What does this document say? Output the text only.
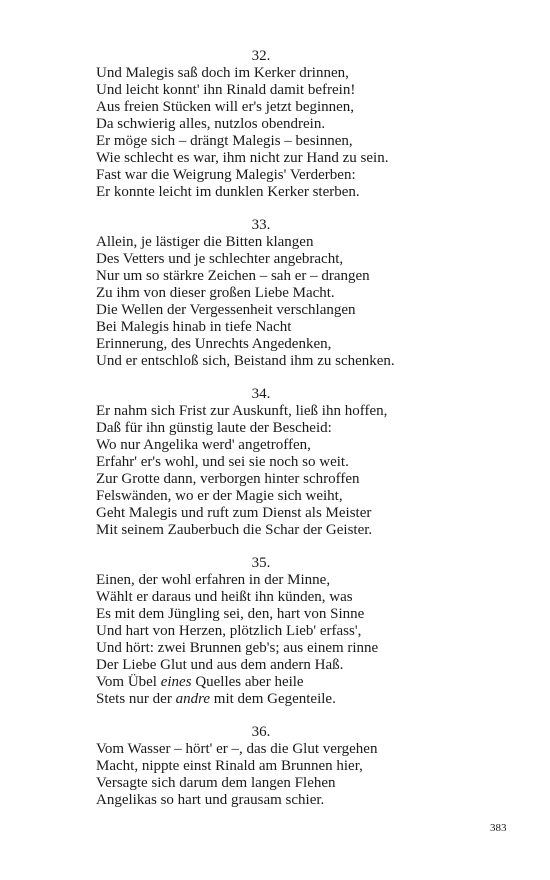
32.
Und Malegis saß doch im Kerker drinnen,
Und leicht konnt' ihn Rinald damit befrein!
Aus freien Stücken will er's jetzt beginnen,
Da schwierig alles, nutzlos obendrein.
Er möge sich – drängt Malegis – besinnen,
Wie schlecht es war, ihm nicht zur Hand zu sein.
Fast war die Weigrung Malegis' Verderben:
Er konnte leicht im dunklen Kerker sterben.
33.
Allein, je lästiger die Bitten klangen
Des Vetters und je schlechter angebracht,
Nur um so stärkre Zeichen – sah er – drangen
Zu ihm von dieser großen Liebe Macht.
Die Wellen der Vergessenheit verschlangen
Bei Malegis hinab in tiefe Nacht
Erinnerung, des Unrechts Angedenken,
Und er entschloß sich, Beistand ihm zu schenken.
34.
Er nahm sich Frist zur Auskunft, ließ ihn hoffen,
Daß für ihn günstig laute der Bescheid:
Wo nur Angelika werd' angetroffen,
Erfahr' er's wohl, und sei sie noch so weit.
Zur Grotte dann, verborgen hinter schroffen
Felswänden, wo er der Magie sich weiht,
Geht Malegis und ruft zum Dienst als Meister
Mit seinem Zauberbuch die Schar der Geister.
35.
Einen, der wohl erfahren in der Minne,
Wählt er daraus und heißt ihn künden, was
Es mit dem Jüngling sei, den, hart von Sinne
Und hart von Herzen, plötzlich Lieb' erfass',
Und hört: zwei Brunnen geb's; aus einem rinne
Der Liebe Glut und aus dem andern Haß.
Vom Übel eines Quelles aber heile
Stets nur der andre mit dem Gegenteile.
36.
Vom Wasser – hört' er –, das die Glut vergehen
Macht, nippte einst Rinald am Brunnen hier,
Versagte sich darum dem langen Flehen
Angelikas so hart und grausam schier.
383
